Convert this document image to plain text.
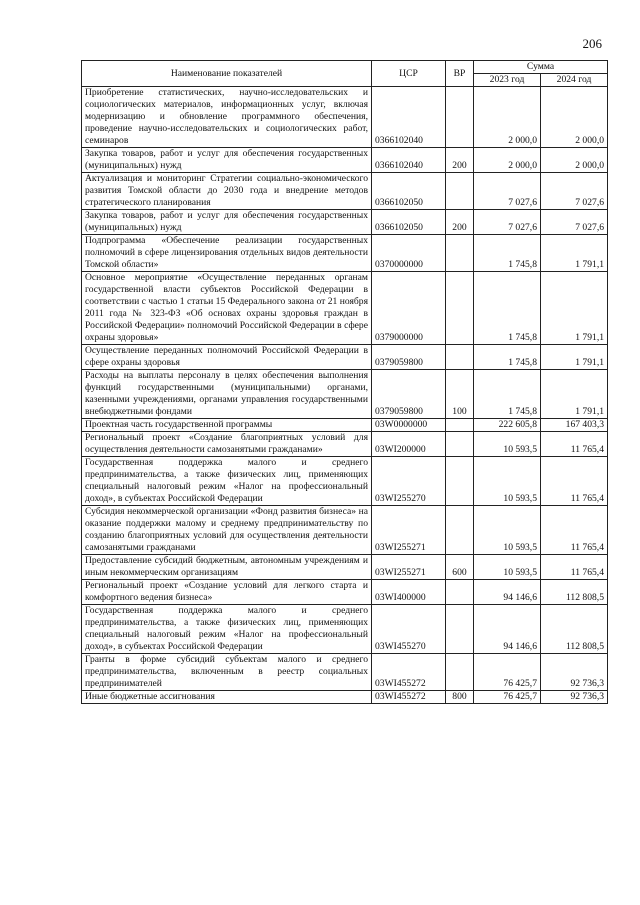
206
Наименование показателей	ЦСР	ВР	Сумма	
			2023 год	2024 год
Приобретение статистических, научно-исследовательских и социологических материалов, информационных услуг, включая модернизацию и обновление программного обеспечения, проведение научно-исследовательских и социологических работ, семинаров	0366102040		2 000,0	2 000,0
Закупка товаров, работ и услуг для обеспечения государственных (муниципальных) нужд	0366102040	200	2 000,0	2 000,0
Актуализация и мониторинг Стратегии социально-экономического развития Томской области до 2030 года и внедрение методов стратегического планирования	0366102050		7 027,6	7 027,6
Закупка товаров, работ и услуг для обеспечения государственных (муниципальных) нужд	0366102050	200	7 027,6	7 027,6
Подпрограмма «Обеспечение реализации государственных полномочий в сфере лицензирования отдельных видов деятельности Томской области»	0370000000		1 745,8	1 791,1
Основное мероприятие «Осуществление переданных органам государственной власти субъектов Российской Федерации в соответствии с частью 1 статьи 15 Федерального закона от 21 ноября 2011 года № 323-ФЗ «Об основах охраны здоровья граждан в Российской Федерации» полномочий Российской Федерации в сфере охраны здоровья»	0379000000		1 745,8	1 791,1
Осуществление переданных полномочий Российской Федерации в сфере охраны здоровья	0379059800		1 745,8	1 791,1
Расходы на выплаты персоналу в целях обеспечения выполнения функций государственными (муниципальными) органами, казенными учреждениями, органами управления государственными внебюджетными фондами	0379059800	100	1 745,8	1 791,1
Проектная часть государственной программы	03W0000000		222 605,8	167 403,3
Региональный проект «Создание благоприятных условий для осуществления деятельности самозанятыми гражданами»	03WI200000		10 593,5	11 765,4
Государственная поддержка малого и среднего предпринимательства, а также физических лиц, применяющих специальный налоговый режим «Налог на профессиональный доход», в субъектах Российской Федерации	03WI255270		10 593,5	11 765,4
Субсидия некоммерческой организации «Фонд развития бизнеса» на оказание поддержки малому и среднему предпринимательству по созданию благоприятных условий для осуществления деятельности самозанятыми гражданами	03WI255271		10 593,5	11 765,4
Предоставление субсидий бюджетным, автономным учреждениям и иным некоммерческим организациям	03WI255271	600	10 593,5	11 765,4
Региональный проект «Создание условий для легкого старта и комфортного ведения бизнеса»	03WI400000		94 146,6	112 808,5
Государственная поддержка малого и среднего предпринимательства, а также физических лиц, применяющих специальный налоговый режим «Налог на профессиональный доход», в субъектах Российской Федерации	03WI455270		94 146,6	112 808,5
Гранты в форме субсидий субъектам малого и среднего предпринимательства, включенным в реестр социальных предпринимателей	03WI455272		76 425,7	92 736,3
Иные бюджетные ассигнования	03WI455272	800	76 425,7	92 736,3
